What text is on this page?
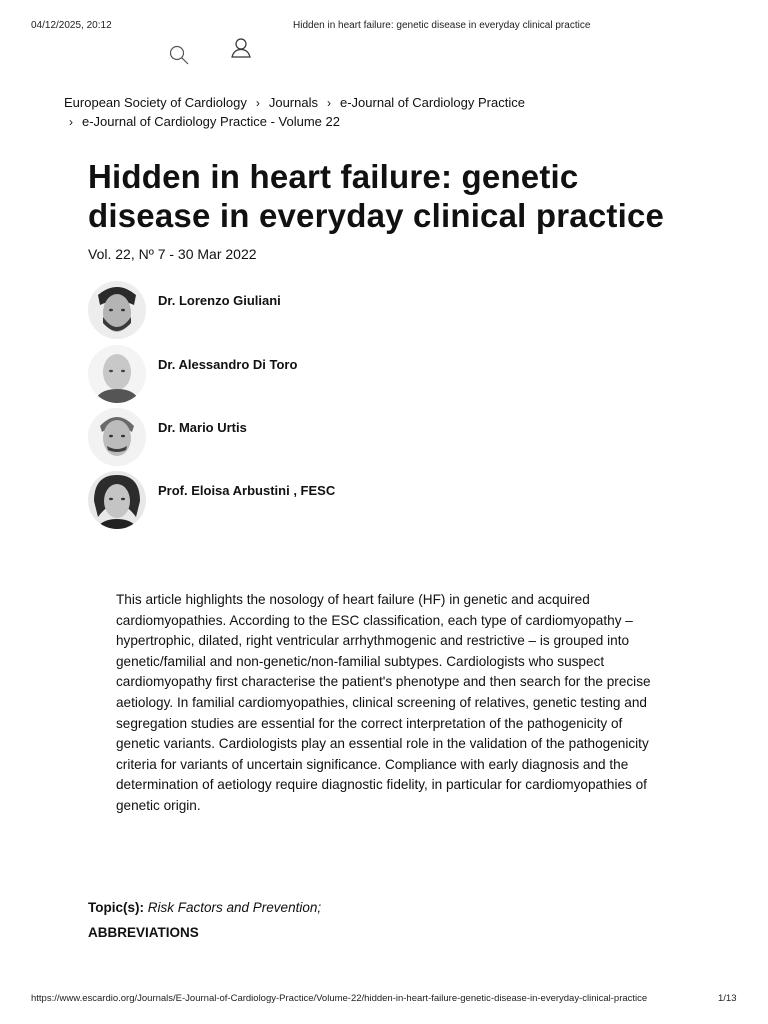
04/12/2025, 20:12	Hidden in heart failure: genetic disease in everyday clinical practice
European Society of Cardiology › Journals › e-Journal of Cardiology Practice
› e-Journal of Cardiology Practice - Volume 22
Hidden in heart failure: genetic disease in everyday clinical practice
Vol. 22, Nº 7 - 30 Mar 2022
Dr. Lorenzo Giuliani
Dr. Alessandro Di Toro
Dr. Mario Urtis
Prof. Eloisa Arbustini , FESC

This article highlights the nosology of heart failure (HF) in genetic and acquired cardiomyopathies. According to the ESC classification, each type of cardiomyopathy – hypertrophic, dilated, right ventricular arrhythmogenic and restrictive – is grouped into genetic/familial and non-genetic/non-familial subtypes. Cardiologists who suspect cardiomyopathy first characterise the patient's phenotype and then search for the precise aetiology. In familial cardiomyopathies, clinical screening of relatives, genetic testing and segregation studies are essential for the correct interpretation of the pathogenicity of genetic variants. Cardiologists play an essential role in the validation of the pathogenicity criteria for variants of uncertain significance. Compliance with early diagnosis and the determination of aetiology require diagnostic fidelity, in particular for cardiomyopathies of genetic origin.

Topic(s): Risk Factors and Prevention;
ABBREVIATIONS
https://www.escardio.org/Journals/E-Journal-of-Cardiology-Practice/Volume-22/hidden-in-heart-failure-genetic-disease-in-everyday-clinical-practice	1/13
